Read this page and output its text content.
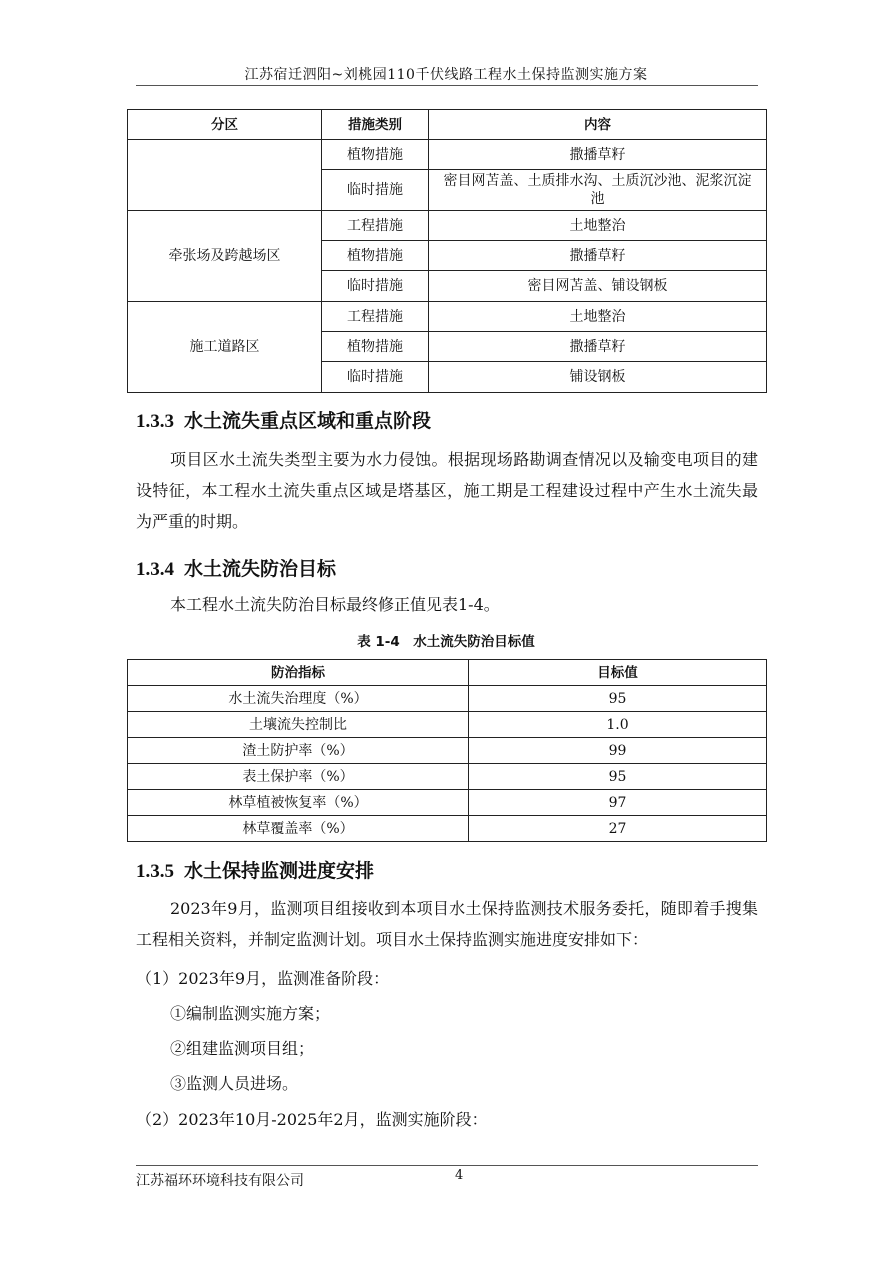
江苏宿迁泗阳~刘桃园110千伏线路工程水土保持监测实施方案
分区	措施类别	内容
	植物措施	撒播草籽
	临时措施	密目网苫盖、土质排水沟、土质沉沙池、泥浆沉淀池
牵张场及跨越场区	工程措施	土地整治
	植物措施	撒播草籽
	临时措施	密目网苫盖、铺设钢板
施工道路区	工程措施	土地整治
	植物措施	撒播草籽
	临时措施	铺设钢板
1.3.3 水土流失重点区域和重点阶段
项目区水土流失类型主要为水力侵蚀。根据现场路勘调查情况以及输变电项目的建设特征，本工程水土流失重点区域是塔基区，施工期是工程建设过程中产生水土流失最为严重的时期。
1.3.4 水土流失防治目标
本工程水土流失防治目标最终修正值见表1-4。
表 1-4　水土流失防治目标值
防治指标	目标值
水土流失治理度（%）	95
土壤流失控制比	1.0
渣土防护率（%）	99
表土保护率（%）	95
林草植被恢复率（%）	97
林草覆盖率（%）	27
1.3.5 水土保持监测进度安排
2023年9月，监测项目组接收到本项目水土保持监测技术服务委托，随即着手搜集工程相关资料，并制定监测计划。项目水土保持监测实施进度安排如下：
（1）2023年9月，监测准备阶段：
①编制监测实施方案；
②组建监测项目组；
③监测人员进场。
（2）2023年10月-2025年2月，监测实施阶段：
江苏福环环境科技有限公司	4
